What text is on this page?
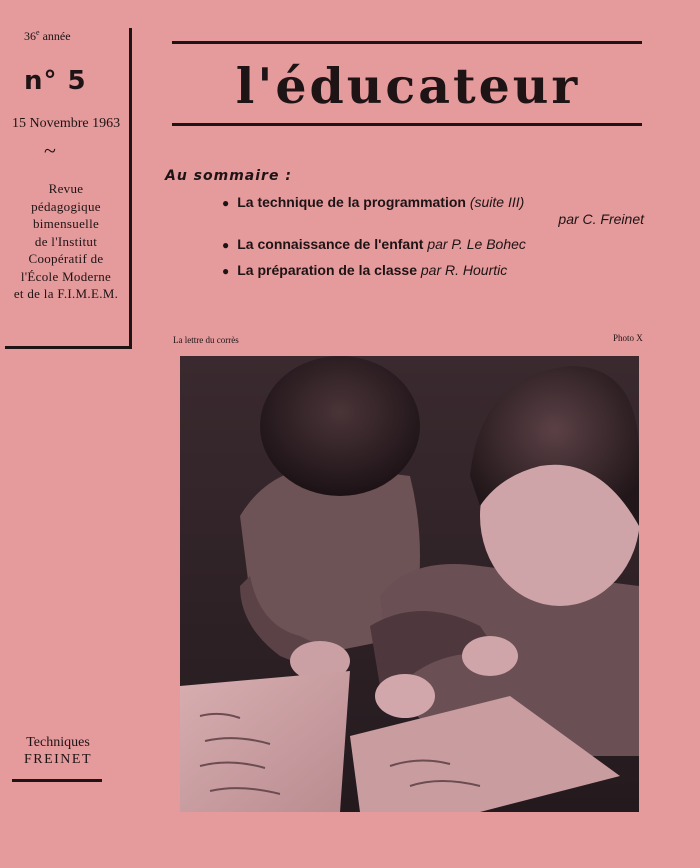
36e année
n° 5
15 Novembre 1963
~
Revue
pédagogique
bimensuelle
de l'Institut
Coopératif de
l'École Moderne
et de la F.I.M.E.M.
l'éducateur
Au sommaire :
● La technique de la programmation (suite III)
par C. Freinet
● La connaissance de l'enfant par P. Le Bohec
● La préparation de la classe par R. Hourtic
La lettre du corrès	Photo X
Techniques
FREINET
